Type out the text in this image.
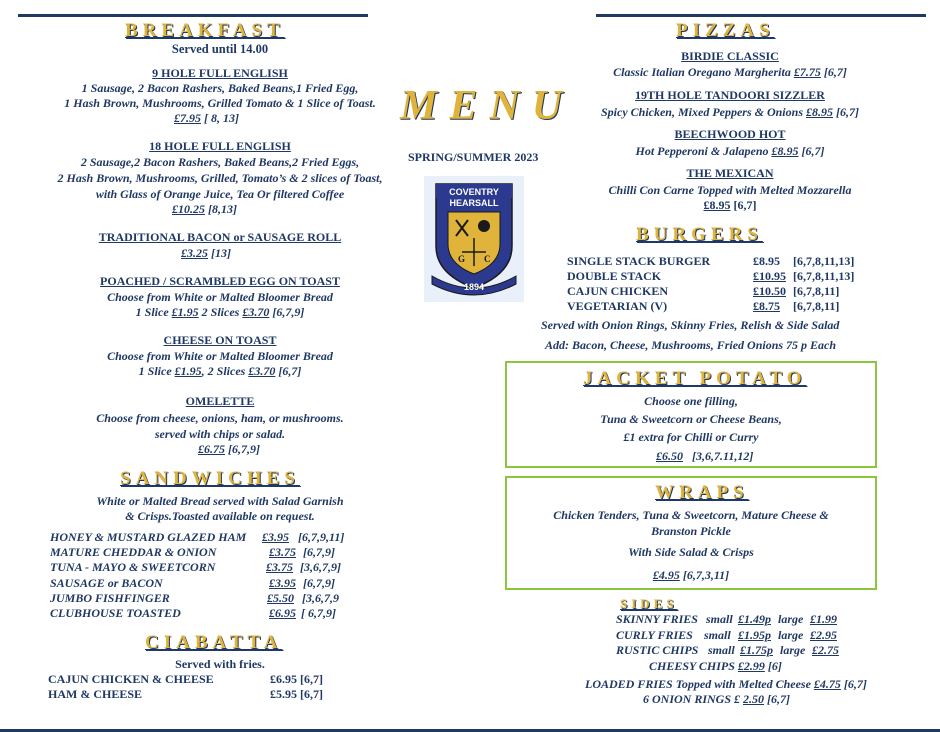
BREAKFAST
Served until 14.00
9 HOLE FULL ENGLISH
1 Sausage, 2 Bacon Rashers, Baked Beans,1 Fried Egg,
1 Hash Brown, Mushrooms, Grilled Tomato & 1 Slice of Toast.
£7.95 [ 8, 13]
18 HOLE FULL ENGLISH
2 Sausage,2 Bacon Rashers, Baked Beans,2 Fried Eggs,
2 Hash Brown, Mushrooms, Grilled, Tomato’s & 2 slices of Toast,
with Glass of Orange Juice, Tea Or filtered Coffee
£10.25 [8,13]
TRADITIONAL BACON or SAUSAGE ROLL
£3.25 [13]
POACHED / SCRAMBLED EGG ON TOAST
Choose from White or Malted Bloomer Bread
1 Slice £1.95 2 Slices £3.70 [6,7,9]
CHEESE ON TOAST
Choose from White or Malted Bloomer Bread
1 Slice £1.95, 2 Slices £3.70 [6,7]
OMELETTE
Choose from cheese, onions, ham, or mushrooms.
served with chips or salad.
£6.75 [6,7,9]
SANDWICHES
White or Malted Bread served with Salad Garnish
& Crisps.Toasted available on request.
HONEY & MUSTARD GLAZED HAM £3.95 [6,7,9,11]
MATURE CHEDDAR & ONION	£3.75 [6,7,9]
TUNA - MAYO & SWEETCORN	£3.75 [3,6,7,9]
SAUSAGE or BACON	£3.95 [6,7,9]
JUMBO FISHFINGER	£5.50 [3,6,7,9
CLUBHOUSE TOASTED	£6.95 [ 6,7,9]
CIABATTA
Served with fries.
CAJUN CHICKEN & CHEESE	£6.95 [6,7]
HAM & CHEESE	£5.95 [6,7]
MENU
SPRING/SUMMER 2023
COVENTRY
HEARSALL
G C
1894
PIZZAS
BIRDIE CLASSIC
Classic Italian Oregano Margherita £7.75 [6,7]
19TH HOLE TANDOORI SIZZLER
Spicy Chicken, Mixed Peppers & Onions £8.95 [6,7]
BEECHWOOD HOT
Hot Pepperoni & Jalapeno £8.95 [6,7]
THE MEXICAN
Chilli Con Carne Topped with Melted Mozzarella
£8.95 [6,7]
BURGERS
SINGLE STACK BURGER	£8.95 [6,7,8,11,13]
DOUBLE STACK	£10.95 [6,7,8,11,13]
CAJUN CHICKEN	£10.50 [6,7,8,11]
VEGETARIAN (V)	£8.75 [6,7,8,11]
Served with Onion Rings, Skinny Fries, Relish & Side Salad
Add: Bacon, Cheese, Mushrooms, Fried Onions 75 p Each
JACKET POTATO
Choose one filling,
Tuna & Sweetcorn or Cheese Beans,
£1 extra for Chilli or Curry
£6.50 [3,6,7.11,12]
WRAPS
Chicken Tenders, Tuna & Sweetcorn, Mature Cheese &
Branston Pickle
With Side Salad & Crisps
£4.95 [6,7,3,11]
SIDES
SKINNY FRIES small £1.49p large £1.99
CURLY FRIES small £1.95p large £2.95
RUSTIC CHIPS small £1.75p large £2.75
CHEESY CHIPS £2.99 [6]
LOADED FRIES Topped with Melted Cheese £4.75 [6,7]
6 ONION RINGS £ 2.50 [6,7]
